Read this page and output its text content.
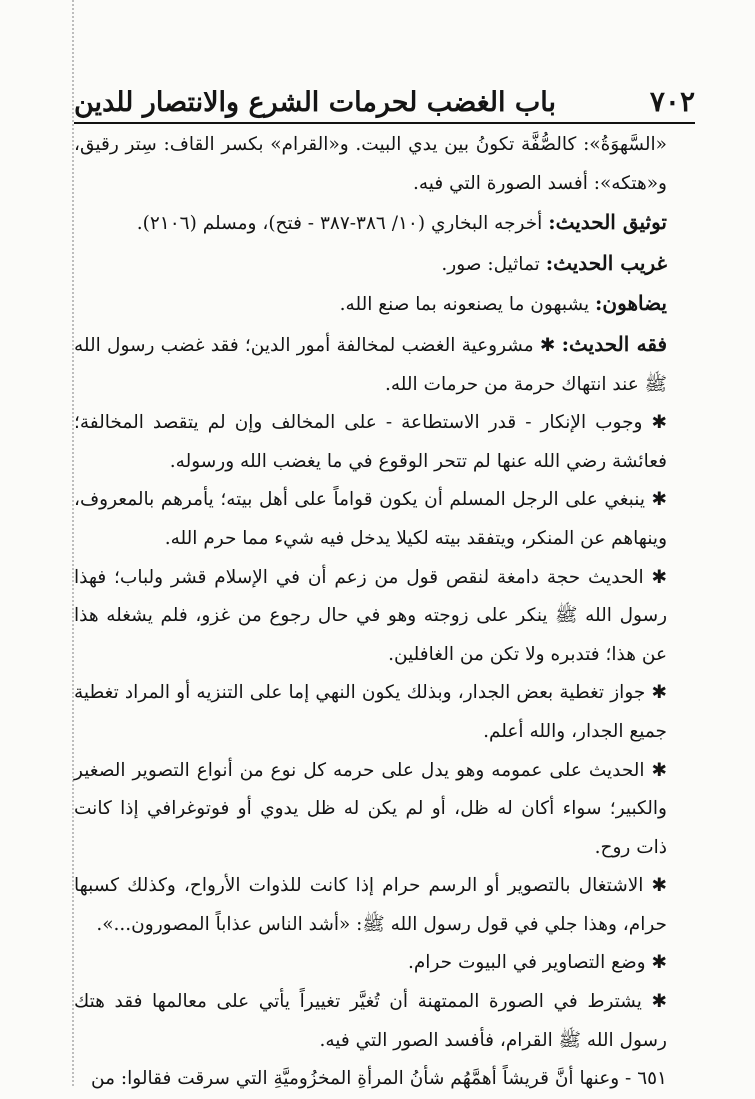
٧٠٢
باب الغضب لحرمات الشرع والانتصار للدين

«السَّهوَةُ»: كالصُّفَّة تكونُ بين يدي البيت. و«القرام» بكسر القاف: سِتر رقيق، و«هتكه»: أفسد الصورة التي فيه.

توثيق الحديث: أخرجه البخاري (١٠/ ٣٨٦-٣٨٧ - فتح)، ومسلم (٢١٠٦).

غريب الحديث: تماثيل: صور.

يضاهون: يشبهون ما يصنعونه بما صنع الله.

فقه الحديث: ✱ مشروعية الغضب لمخالفة أمور الدين؛ فقد غضب رسول الله ﷺ عند انتهاك حرمة من حرمات الله.

✱ وجوب الإنكار - قدر الاستطاعة - على المخالف وإن لم يتقصد المخالفة؛ فعائشة رضي الله عنها لم تتحر الوقوع في ما يغضب الله ورسوله.

✱ ينبغي على الرجل المسلم أن يكون قواماً على أهل بيته؛ يأمرهم بالمعروف، وينهاهم عن المنكر، ويتفقد بيته لكيلا يدخل فيه شيء مما حرم الله.

✱ الحديث حجة دامغة لنقص قول من زعم أن في الإسلام قشر ولباب؛ فهذا رسول الله ﷺ ينكر على زوجته وهو في حال رجوع من غزو، فلم يشغله هذا عن هذا؛ فتدبره ولا تكن من الغافلين.

✱ جواز تغطية بعض الجدار، وبذلك يكون النهي إما على التنزيه أو المراد تغطية جميع الجدار، والله أعلم.

✱ الحديث على عمومه وهو يدل على حرمه كل نوع من أنواع التصوير الصغير والكبير؛ سواء أكان له ظل، أو لم يكن له ظل يدوي أو فوتوغرافي إذا كانت ذات روح.

✱ الاشتغال بالتصوير أو الرسم حرام إذا كانت للذوات الأرواح، وكذلك كسبها حرام، وهذا جلي في قول رسول الله ﷺ: «أشد الناس عذاباً المصورون...».

✱ وضع التصاوير في البيوت حرام.

✱ يشترط في الصورة الممتهنة أن تُغيَّر تغييراً يأتي على معالمها فقد هتك رسول الله ﷺ القرام، فأفسد الصور التي فيه.

٦٥١ - وعنها أنَّ قريشاً أهمَّهُم شأنُ المرأةِ المخزُوميَّةِ التي سرقت فقالوا: من
